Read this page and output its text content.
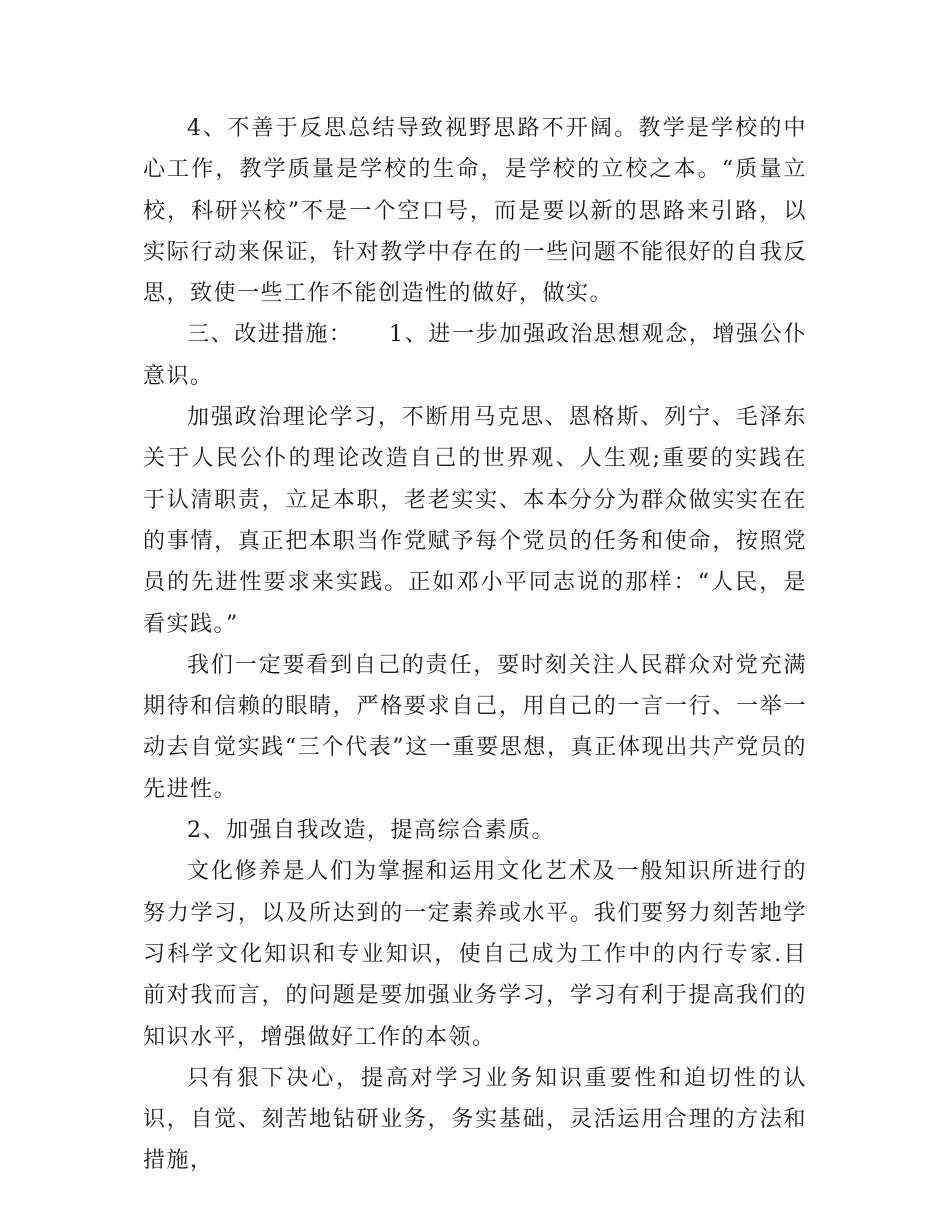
4、不善于反思总结导致视野思路不开阔。教学是学校的中心工作，教学质量是学校的生命，是学校的立校之本。“质量立校，科研兴校”不是一个空口号，而是要以新的思路来引路，以实际行动来保证，针对教学中存在的一些问题不能很好的自我反思，致使一些工作不能创造性的做好，做实。

三、改进措施：　　1、进一步加强政治思想观念，增强公仆意识。

加强政治理论学习，不断用马克思、恩格斯、列宁、毛泽东关于人民公仆的理论改造自己的世界观、人生观;重要的实践在于认清职责，立足本职，老老实实、本本分分为群众做实实在在的事情，真正把本职当作党赋予每个党员的任务和使命，按照党员的先进性要求来实践。正如邓小平同志说的那样：“人民，是看实践。”

我们一定要看到自己的责任，要时刻关注人民群众对党充满期待和信赖的眼睛，严格要求自己，用自己的一言一行、一举一动去自觉实践“三个代表”这一重要思想，真正体现出共产党员的先进性。

2、加强自我改造，提高综合素质。

文化修养是人们为掌握和运用文化艺术及一般知识所进行的努力学习，以及所达到的一定素养或水平。我们要努力刻苦地学习科学文化知识和专业知识，使自己成为工作中的内行专家.目前对我而言，的问题是要加强业务学习，学习有利于提高我们的知识水平，增强做好工作的本领。

只有狠下决心，提高对学习业务知识重要性和迫切性的认识，自觉、刻苦地钻研业务，务实基础，灵活运用合理的方法和措施，
